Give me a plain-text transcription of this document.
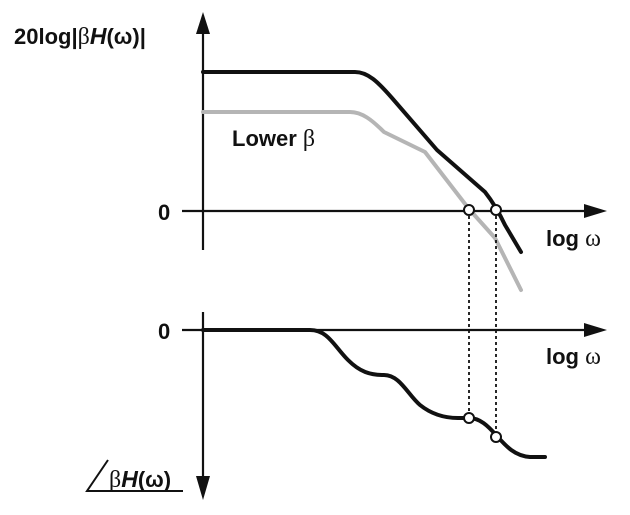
20log|βH(ω)|
0
log ω
Lower β
0
log ω
βH(ω)
